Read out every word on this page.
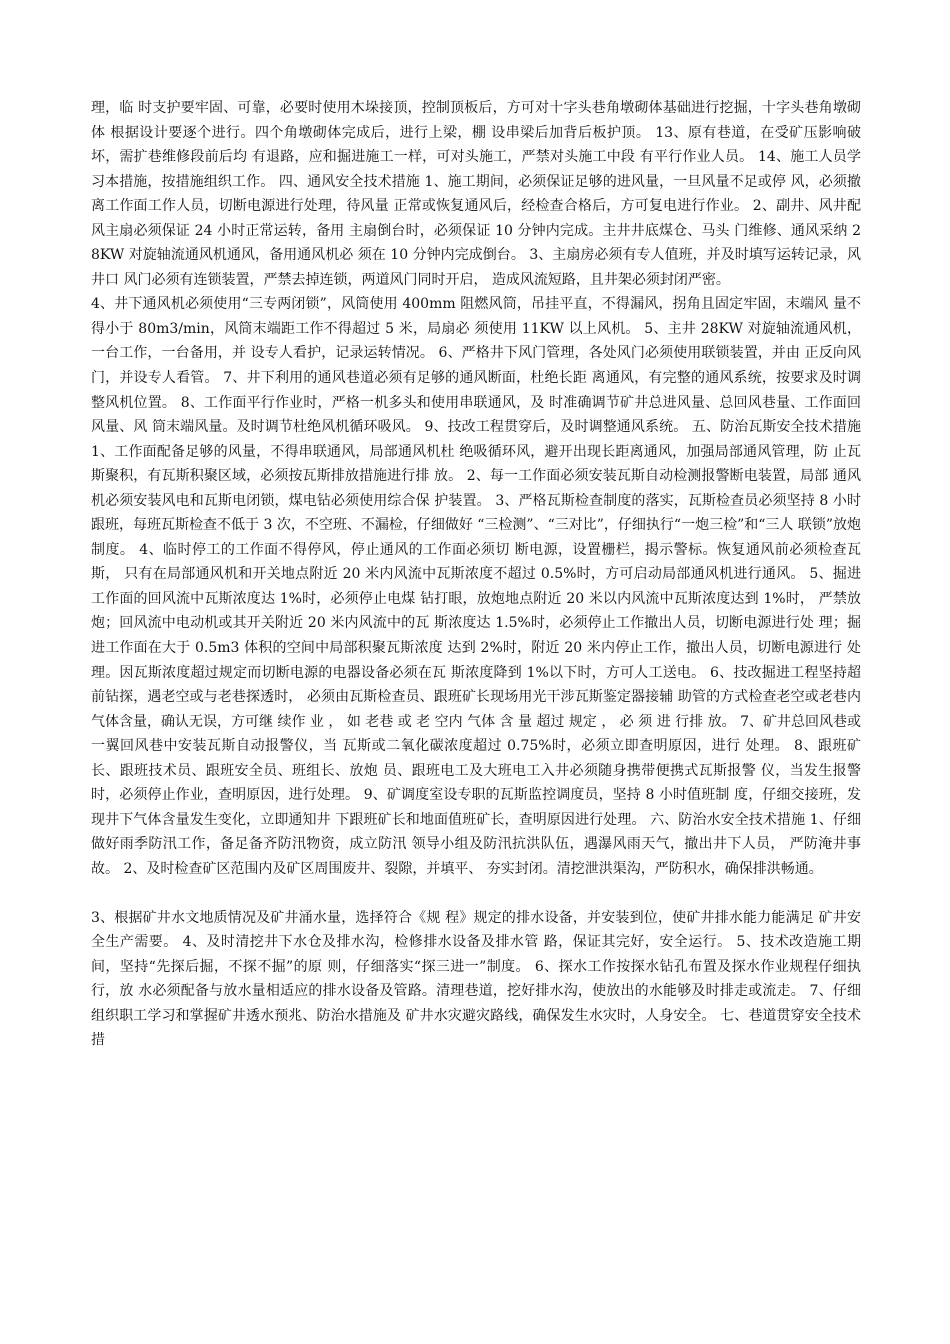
理，临 时支护要牢固、可靠，必要时使用木垛接顶，控制顶板后，方可对十字头巷角墩砌体基础进行挖掘，十字头巷角墩砌体 根据设计要逐个进行。四个角墩砌体完成后，进行上梁，棚 设串梁后加背后板护顶。 13、原有巷道，在受矿压影响破坏，需扩巷维修段前后均 有退路，应和掘进施工一样，可对头施工，严禁对头施工中段 有平行作业人员。 14、施工人员学习本措施，按措施组织工作。 四、通风安全技术措施 1、施工期间，必须保证足够的进风量，一旦风量不足或停 风，必须撤离工作面工作人员，切断电源进行处理，待风量 正常或恢复通风后，经检查合格后，方可复电进行作业。 2、副井、风井配风主扇必须保证 24 小时正常运转，备用 主扇倒台时，必须保证 10 分钟内完成。主井井底煤仓、马头 门维修、通风采纳 28KW 对旋轴流通风机通风，备用通风机必 须在 10 分钟内完成倒台。 3、主扇房必须有专人值班，并及时填写运转记录，风井口 风门必须有连锁装置，严禁去掉连锁，两道风门同时开启， 造成风流短路，且井架必须封闭严密。

4、井下通风机必须使用“三专两闭锁”，风筒使用 400mm 阻燃风筒，吊挂平直，不得漏风，拐角且固定牢固，末端风 量不得小于 80m3/min，风筒末端距工作不得超过 5 米，局扇必 须使用 11KW 以上风机。 5、主井 28KW 对旋轴流通风机，一台工作，一台备用，并 设专人看护，记录运转情况。 6、严格井下风门管理，各处风门必须使用联锁装置，并由 正反向风门，并设专人看管。 7、井下利用的通风巷道必须有足够的通风断面，杜绝长距 离通风，有完整的通风系统，按要求及时调整风机位置。 8、工作面平行作业时，严格一机多头和使用串联通风，及 时准确调节矿井总进风量、总回风巷量、工作面回风量、风 筒末端风量。及时调节杜绝风机循环吸风。 9、技改工程贯穿后，及时调整通风系统。 五、防治瓦斯安全技术措施 1、工作面配备足够的风量，不得串联通风，局部通风机杜 绝吸循环风，避开出现长距离通风，加强局部通风管理，防 止瓦斯聚积，有瓦斯积聚区域，必须按瓦斯排放措施进行排 放。 2、每一工作面必须安装瓦斯自动检测报警断电装置，局部 通风机必须安装风电和瓦斯电闭锁，煤电钻必须使用综合保 护装置。 3、严格瓦斯检查制度的落实，瓦斯检查员必须坚持 8 小时 跟班，每班瓦斯检查不低于 3 次，不空班、不漏检，仔细做好 “三检测”、“三对比”，仔细执行“一炮三检”和“三人 联锁”放炮制度。 4、临时停工的工作面不得停风，停止通风的工作面必须切 断电源，设置栅栏，揭示警标。恢复通风前必须检查瓦斯， 只有在局部通风机和开关地点附近 20 米内风流中瓦斯浓度不超过 0.5%时，方可启动局部通风机进行通风。 5、掘进工作面的回风流中瓦斯浓度达 1%时，必须停止电煤 钻打眼，放炮地点附近 20 米以内风流中瓦斯浓度达到 1%时， 严禁放炮；回风流中电动机或其开关附近 20 米内风流中的瓦 斯浓度达 1.5%时，必须停止工作撤出人员，切断电源进行处 理；掘进工作面在大于 0.5m3 体积的空间中局部积聚瓦斯浓度 达到 2%时，附近 20 米内停止工作，撤出人员，切断电源进行 处理。因瓦斯浓度超过规定而切断电源的电器设备必须在瓦 斯浓度降到 1%以下时，方可人工送电。 6、技改掘进工程坚持超前钻探，遇老空或与老巷探透时， 必须由瓦斯检查员、跟班矿长现场用光干涉瓦斯鉴定器接辅 助管的方式检查老空或老巷内气体含量，确认无误，方可继 续作 业 ， 如 老巷 或 老 空内 气体 含 量 超过 规定 ， 必 须 进 行排 放。 7、矿井总回风巷或一翼回风巷中安装瓦斯自动报警仪，当 瓦斯或二氧化碳浓度超过 0.75%时，必须立即查明原因，进行 处理。 8、跟班矿长、跟班技术员、跟班安全员、班组长、放炮 员、跟班电工及大班电工入井必须随身携带便携式瓦斯报警 仪，当发生报警时，必须停止作业，查明原因，进行处理。 9、矿调度室设专职的瓦斯监控调度员，坚持 8 小时值班制 度，仔细交接班，发现井下气体含量发生变化，立即通知井 下跟班矿长和地面值班矿长，查明原因进行处理。 六、防治水安全技术措施 1、仔细做好雨季防汛工作，备足备齐防汛物资，成立防汛 领导小组及防汛抗洪队伍，遇瀑风雨天气，撤出井下人员， 严防淹井事故。 2、及时检查矿区范围内及矿区周围废井、裂隙，并填平、 夯实封闭。清挖泄洪渠沟，严防积水，确保排洪畅通。

3、根据矿井水文地质情况及矿井涌水量，选择符合《规 程》规定的排水设备，并安装到位，使矿井排水能力能满足 矿井安全生产需要。 4、及时清挖井下水仓及排水沟，检修排水设备及排水管 路，保证其完好，安全运行。 5、技术改造施工期间，坚持“先探后掘，不探不掘”的原 则，仔细落实“探三进一”制度。 6、探水工作按探水钻孔布置及探水作业规程仔细执行，放 水必须配备与放水量相适应的排水设备及管路。清理巷道，挖好排水沟，使放出的水能够及时排走或流走。 7、仔细组织职工学习和掌握矿井透水预兆、防治水措施及 矿井水灾避灾路线，确保发生水灾时，人身安全。 七、巷道贯穿安全技术措
